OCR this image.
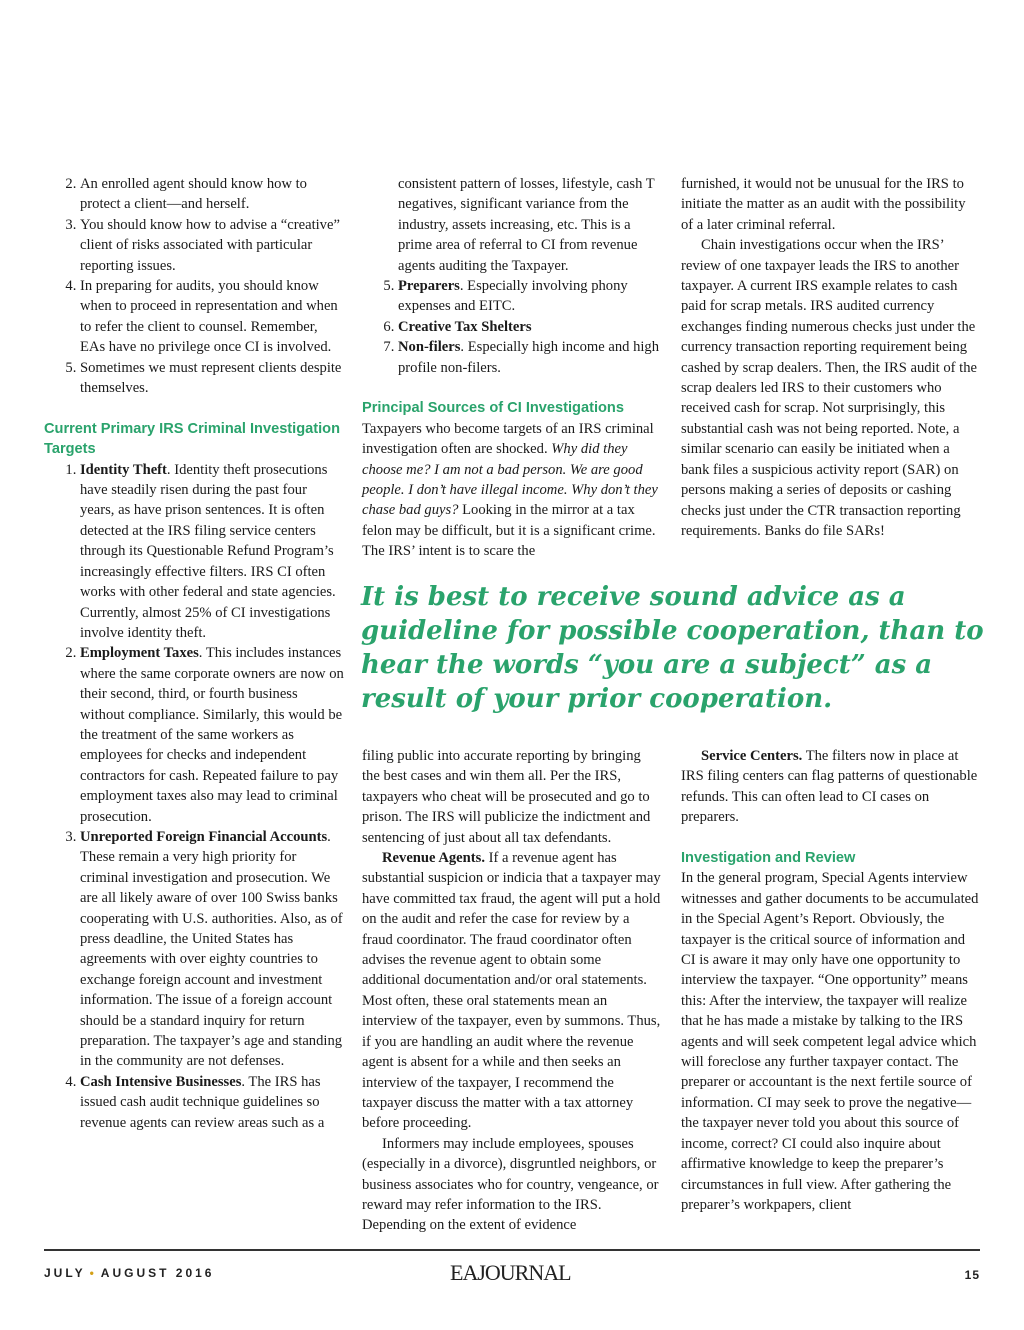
2. An enrolled agent should know how to protect a client—and herself.
3. You should know how to advise a “creative” client of risks associated with particular reporting issues.
4. In preparing for audits, you should know when to proceed in representation and when to refer the client to counsel. Remember, EAs have no privilege once CI is involved.
5. Sometimes we must represent clients despite themselves.
Current Primary IRS Criminal Investigation Targets
1. Identity Theft. Identity theft prosecutions have steadily risen during the past four years, as have prison sentences. It is often detected at the IRS filing service centers through its Questionable Refund Program’s increasingly effective filters. IRS CI often works with other federal and state agencies. Currently, almost 25% of CI investigations involve identity theft.
2. Employment Taxes. This includes instances where the same corporate owners are now on their second, third, or fourth business without compliance. Similarly, this would be the treatment of the same workers as employees for checks and independent contractors for cash. Repeated failure to pay employment taxes also may lead to criminal prosecution.
3. Unreported Foreign Financial Accounts. These remain a very high priority for criminal investigation and prosecution. We are all likely aware of over 100 Swiss banks cooperating with U.S. authorities. Also, as of press deadline, the United States has agreements with over eighty countries to exchange foreign account and investment information. The issue of a foreign account should be a standard inquiry for return preparation. The taxpayer’s age and standing in the community are not defenses.
4. Cash Intensive Businesses. The IRS has issued cash audit technique guidelines so revenue agents can review areas such as a

consistent pattern of losses, lifestyle, cash T negatives, significant variance from the industry, assets increasing, etc. This is a prime area of referral to CI from revenue agents auditing the Taxpayer.

5. Preparers. Especially involving phony expenses and EITC.
6. Creative Tax Shelters
7. Non-filers. Especially high income and high profile non-filers.
Principal Sources of CI Investigations

Taxpayers who become targets of an IRS criminal investigation often are shocked. Why did they choose me? I am not a bad person. We are good people. I don’t have illegal income. Why don’t they chase bad guys? Looking in the mirror at a tax felon may be difficult, but it is a significant crime. The IRS’ intent is to scare the

furnished, it would not be unusual for the IRS to initiate the matter as an audit with the possibility of a later criminal referral.

Chain investigations occur when the IRS’ review of one taxpayer leads the IRS to another taxpayer. A current IRS example relates to cash paid for scrap metals. IRS audited currency exchanges finding numerous checks just under the currency transaction reporting requirement being cashed by scrap dealers. Then, the IRS audit of the scrap dealers led IRS to their customers who received cash for scrap. Not surprisingly, this substantial cash was not being reported. Note, a similar scenario can easily be initiated when a bank files a suspicious activity report (SAR) on persons making a series of deposits or cashing checks just under the CTR transaction reporting requirements. Banks do file SARs!

It is best to receive sound advice as a guideline for possible cooperation, than to hear the words “you are a subject” as a result of your prior cooperation.

filing public into accurate reporting by bringing the best cases and win them all. Per the IRS, taxpayers who cheat will be prosecuted and go to prison. The IRS will publicize the indictment and sentencing of just about all tax defendants.

Revenue Agents. If a revenue agent has substantial suspicion or indicia that a taxpayer may have committed tax fraud, the agent will put a hold on the audit and refer the case for review by a fraud coordinator. The fraud coordinator often advises the revenue agent to obtain some additional documentation and/or oral statements. Most often, these oral statements mean an interview of the taxpayer, even by summons. Thus, if you are handling an audit where the revenue agent is absent for a while and then seeks an interview of the taxpayer, I recommend the taxpayer discuss the matter with a tax attorney before proceeding.

Informers may include employees, spouses (especially in a divorce), disgruntled neighbors, or business associates who for country, vengeance, or reward may refer information to the IRS. Depending on the extent of evidence

Service Centers. The filters now in place at IRS filing centers can flag patterns of questionable refunds. This can often lead to CI cases on preparers.

Investigation and Review

In the general program, Special Agents interview witnesses and gather documents to be accumulated in the Special Agent’s Report. Obviously, the taxpayer is the critical source of information and CI is aware it may only have one opportunity to interview the taxpayer. “One opportunity” means this: After the interview, the taxpayer will realize that he has made a mistake by talking to the IRS agents and will seek competent legal advice which will foreclose any further taxpayer contact. The preparer or accountant is the next fertile source of information. CI may seek to prove the negative—the taxpayer never told you about this source of income, correct? CI could also inquire about affirmative knowledge to keep the preparer’s circumstances in full view. After gathering the preparer’s workpapers, client

JULY • AUGUST 2016	EAJOURNAL	15
